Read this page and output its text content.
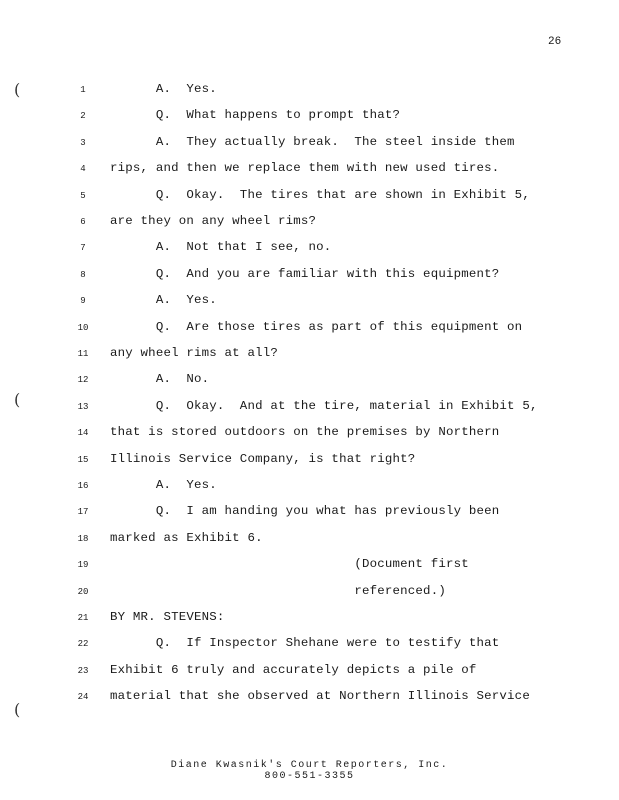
26
(
(
(
1	A.  Yes.
2	Q.  What happens to prompt that?
3	A.  They actually break.  The steel inside them
4	rips, and then we replace them with new used tires.
5	Q.  Okay.  The tires that are shown in Exhibit 5,
6	are they on any wheel rims?
7	A.  Not that I see, no.
8	Q.  And you are familiar with this equipment?
9	A.  Yes.
10 Q.  Are those tires as part of this equipment on
11 any wheel rims at all?
12 A.  No.
13 Q.  Okay.  And at the tire, material in Exhibit 5,
14 that is stored outdoors on the premises by Northern
15 Illinois Service Company, is that right?
16 A.  Yes.
17 Q.  I am handing you what has previously been
18 marked as Exhibit 6.
19 (Document first
20 referenced.)
21 BY MR. STEVENS:
22 Q.  If Inspector Shehane were to testify that
23 Exhibit 6 truly and accurately depicts a pile of
24 material that she observed at Northern Illinois Service
Diane Kwasnik's Court Reporters, Inc.
800-551-3355
